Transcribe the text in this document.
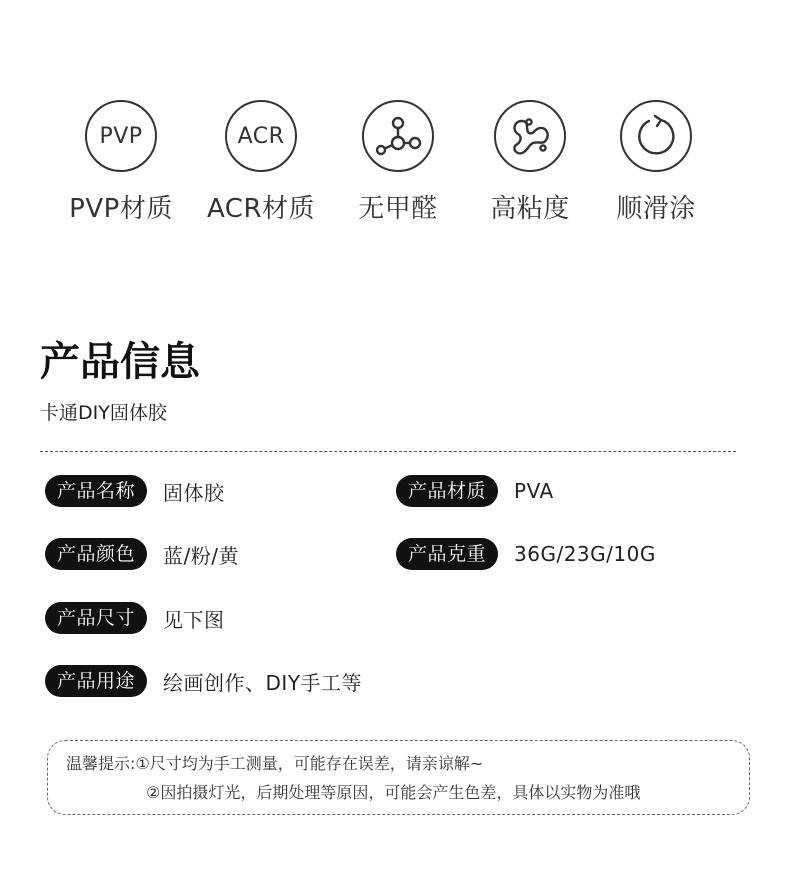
PVP
PVP材质
ACR
ACR材质	无甲醛	高粘度	顺滑涂
产品信息
卡通DIY固体胶
产品名称	固体胶	产品材质	PVA
产品颜色	蓝/粉/黄	产品克重	36G/23G/10G
产品尺寸	见下图
产品用途	绘画创作、DIY手工等
温馨提示:①尺寸均为手工测量，可能存在误差，请亲谅解~
②因拍摄灯光，后期处理等原因，可能会产生色差，具体以实物为准哦
